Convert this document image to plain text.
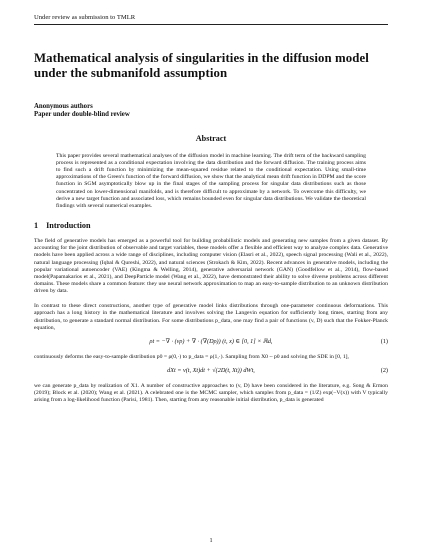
Under review as submission to TMLR
Mathematical analysis of singularities in the diffusion model under the submanifold assumption
Anonymous authors
Paper under double-blind review
Abstract
This paper provides several mathematical analyses of the diffusion model in machine learning. The drift term of the backward sampling process is represented as a conditional expectation involving the data distribution and the forward diffusion. The training process aims to find such a drift function by minimizing the mean-squared residue related to the conditional expectation. Using small-time approximations of the Green's function of the forward diffusion, we show that the analytical mean drift function in DDPM and the score function in SGM asymptotically blow up in the final stages of the sampling process for singular data distributions such as those concentrated on lower-dimensional manifolds, and is therefore difficult to approximate by a network. To overcome this difficulty, we derive a new target function and associated loss, which remains bounded even for singular data distributions. We validate the theoretical findings with several numerical examples.
1 Introduction

The field of generative models has emerged as a powerful tool for building probabilistic models and generating new samples from a given dataset. By accounting for the joint distribution of observable and target variables, these models offer a flexible and efficient way to analyze complex data. Generative models have been applied across a wide range of disciplines, including computer vision (Elasri et al., 2022), speech signal processing (Wali et al., 2022), natural language processing (Iqbal & Qureshi, 2022), and natural sciences (Strokach & Kim, 2022). Recent advances in generative models, including the popular variational autoencoder (VAE) (Kingma & Welling, 2014), generative adversarial network (GAN) (Goodfellow et al., 2014), flow-based model(Papamakarios et al., 2021), and DeepParticle model (Wang et al., 2022), have demonstrated their ability to solve diverse problems across different domains. These models share a common feature: they use neural network approximation to map an easy-to-sample distribution to an unknown distribution driven by data.

In contrast to these direct constructions, another type of generative model links distributions through one-parameter continuous deformations. This approach has a long history in the mathematical literature and involves solving the Langevin equation for sufficiently long times, starting from any distribution, to generate a standard normal distribution. For some distributions p_data, one may find a pair of functions (v, D) such that the Fokker-Planck equation,

ρt = −∇ · (vρ) + ∇ · (∇(Dρ)) (t, x) ∈ [0, 1] × ℝd,	(1)

continuously deforms the easy-to-sample distribution p0 = ρ(0,·) to p_data = ρ(1,·). Sampling from X0 ~ p0 and solving the SDE in [0, 1],

dXt = v(t, Xt)dt + √(2D(t, Xt)) dWt,	(2)

we can generate p_data by realization of X1. A number of constructive approaches to (v, D) have been considered in the literature, e.g. Song & Ermon (2019); Block et al. (2020); Wang et al. (2021). A celebrated one is the MCMC sampler, which samples from p_data = (1/Z) exp(−V(x)) with V typically arising from a log-likelihood function (Parisi, 1981). Then, starting from any reasonable initial distribution, p_data is generated

1
